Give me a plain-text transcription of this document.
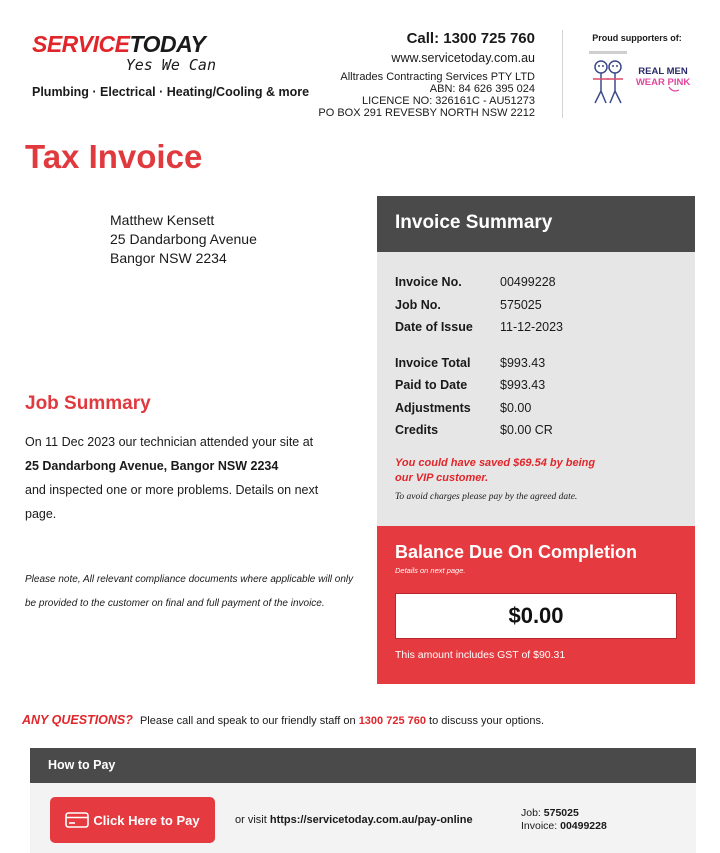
SERVICETODAY
Yes We Can
Plumbing · Electrical · Heating/Cooling & more
Call: 1300 725 760
www.servicetoday.com.au
Alltrades Contracting Services PTY LTD
ABN: 84 626 395 024
LICENCE NO: 326161C - AU51273
PO BOX 291 REVESBY NORTH NSW 2212
Proud supporters of:
REAL MEN
WEAR PINK
Tax Invoice
Matthew Kensett
25 Dandarbong Avenue
Bangor NSW 2234
Job Summary
On 11 Dec 2023 our technician attended your site at
25 Dandarbong Avenue, Bangor NSW 2234
and inspected one or more problems. Details on next page.
Please note, All relevant compliance documents where applicable will only be provided to the customer on final and full payment of the invoice.
Invoice Summary
Invoice No.	00499228
Job No.	575025
Date of Issue	11-12-2023
Invoice Total	$993.43
Paid to Date	$993.43
Adjustments	$0.00
Credits	$0.00 CR
You could have saved $69.54 by being our VIP customer.
To avoid charges please pay by the agreed date.
Balance Due On Completion
Details on next page.
$0.00
This amount includes GST of $90.31
ANY QUESTIONS? Please call and speak to our friendly staff on 1300 725 760 to discuss your options.
How to Pay
Click Here to Pay	or visit https://servicetoday.com.au/pay-online
Job: 575025
Invoice: 00499228
